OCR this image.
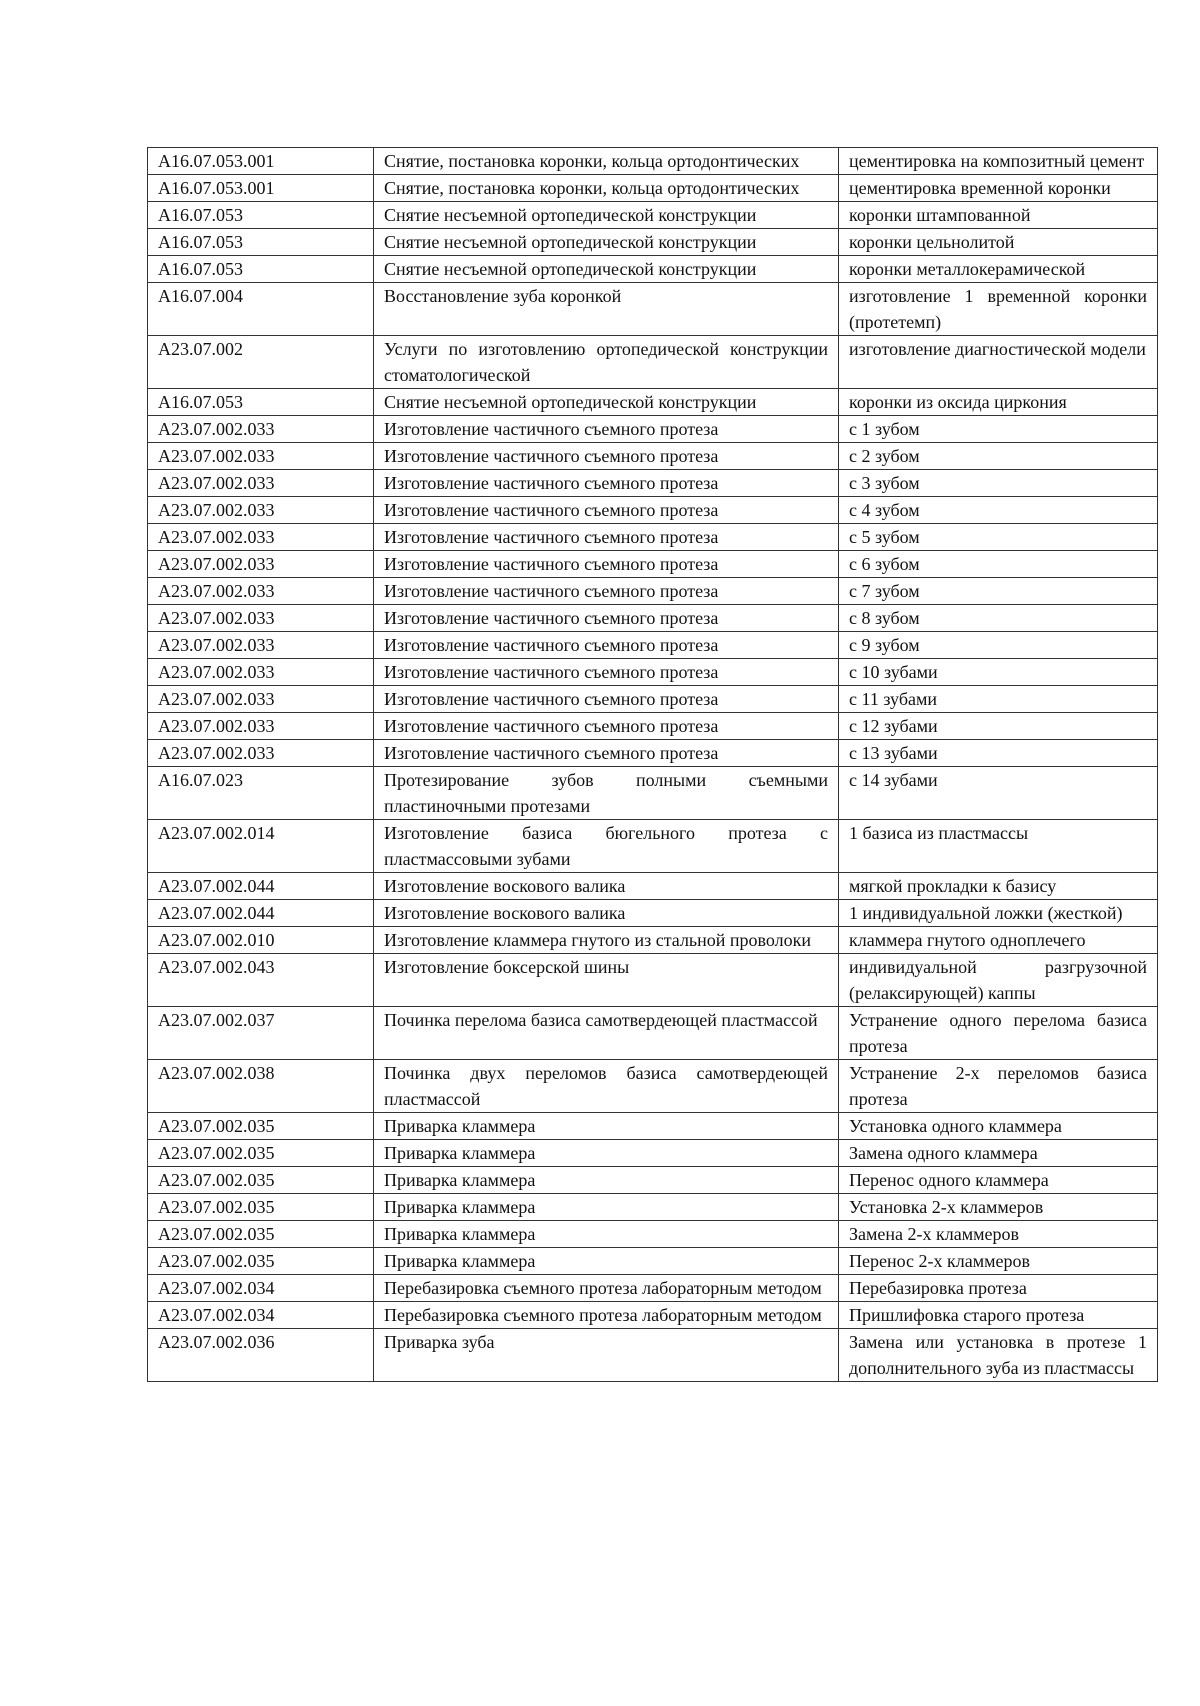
А16.07.053.001	Снятие, постановка коронки, кольца ортодонтических	цементировка на композитный цемент
А16.07.053.001	Снятие, постановка коронки, кольца ортодонтических	цементировка временной коронки
А16.07.053	Снятие несъемной ортопедической конструкции	коронки штампованной
А16.07.053	Снятие несъемной ортопедической конструкции	коронки цельнолитой
А16.07.053	Снятие несъемной ортопедической конструкции	коронки металлокерамической
А16.07.004	Восстановление зуба коронкой	изготовление 1 временной коронки (протетемп)
А23.07.002	Услуги по изготовлению ортопедической конструкции стоматологической	изготовление диагностической модели
А16.07.053	Снятие несъемной ортопедической конструкции	коронки из оксида циркония
А23.07.002.033	Изготовление частичного съемного протеза	с 1 зубом
А23.07.002.033	Изготовление частичного съемного протеза	с 2 зубом
А23.07.002.033	Изготовление частичного съемного протеза	с 3 зубом
А23.07.002.033	Изготовление частичного съемного протеза	с 4 зубом
А23.07.002.033	Изготовление частичного съемного протеза	с 5 зубом
А23.07.002.033	Изготовление частичного съемного протеза	с 6 зубом
А23.07.002.033	Изготовление частичного съемного протеза	с 7 зубом
А23.07.002.033	Изготовление частичного съемного протеза	с 8 зубом
А23.07.002.033	Изготовление частичного съемного протеза	с 9 зубом
А23.07.002.033	Изготовление частичного съемного протеза	с 10 зубами
А23.07.002.033	Изготовление частичного съемного протеза	с 11 зубами
А23.07.002.033	Изготовление частичного съемного протеза	с 12 зубами
А23.07.002.033	Изготовление частичного съемного протеза	с 13 зубами
А16.07.023	Протезирование зубов полными съемными пластиночными протезами	с 14 зубами
А23.07.002.014	Изготовление базиса бюгельного протеза с пластмассовыми зубами	1 базиса из пластмассы
А23.07.002.044	Изготовление воскового валика	мягкой прокладки к базису
А23.07.002.044	Изготовление воскового валика	1 индивидуальной ложки (жесткой)
А23.07.002.010	Изготовление кламмера гнутого из стальной проволоки	кламмера гнутого одноплечего
А23.07.002.043	Изготовление боксерской шины	индивидуальной разгрузочной (релаксирующей) каппы
А23.07.002.037	Починка перелома базиса самотвердеющей пластмассой	Устранение одного перелома базиса протеза
А23.07.002.038	Починка двух переломов базиса самотвердеющей пластмассой	Устранение 2-х переломов базиса протеза
А23.07.002.035	Приварка кламмера	Установка одного кламмера
А23.07.002.035	Приварка кламмера	Замена одного кламмера
А23.07.002.035	Приварка кламмера	Перенос одного кламмера
А23.07.002.035	Приварка кламмера	Установка 2-х кламмеров
А23.07.002.035	Приварка кламмера	Замена 2-х кламмеров
А23.07.002.035	Приварка кламмера	Перенос 2-х кламмеров
А23.07.002.034	Перебазировка съемного протеза лабораторным методом	Перебазировка протеза
А23.07.002.034	Перебазировка съемного протеза лабораторным методом	Пришлифовка старого протеза
А23.07.002.036	Приварка зуба	Замена или установка в протезе 1 дополнительного зуба из пластмассы
